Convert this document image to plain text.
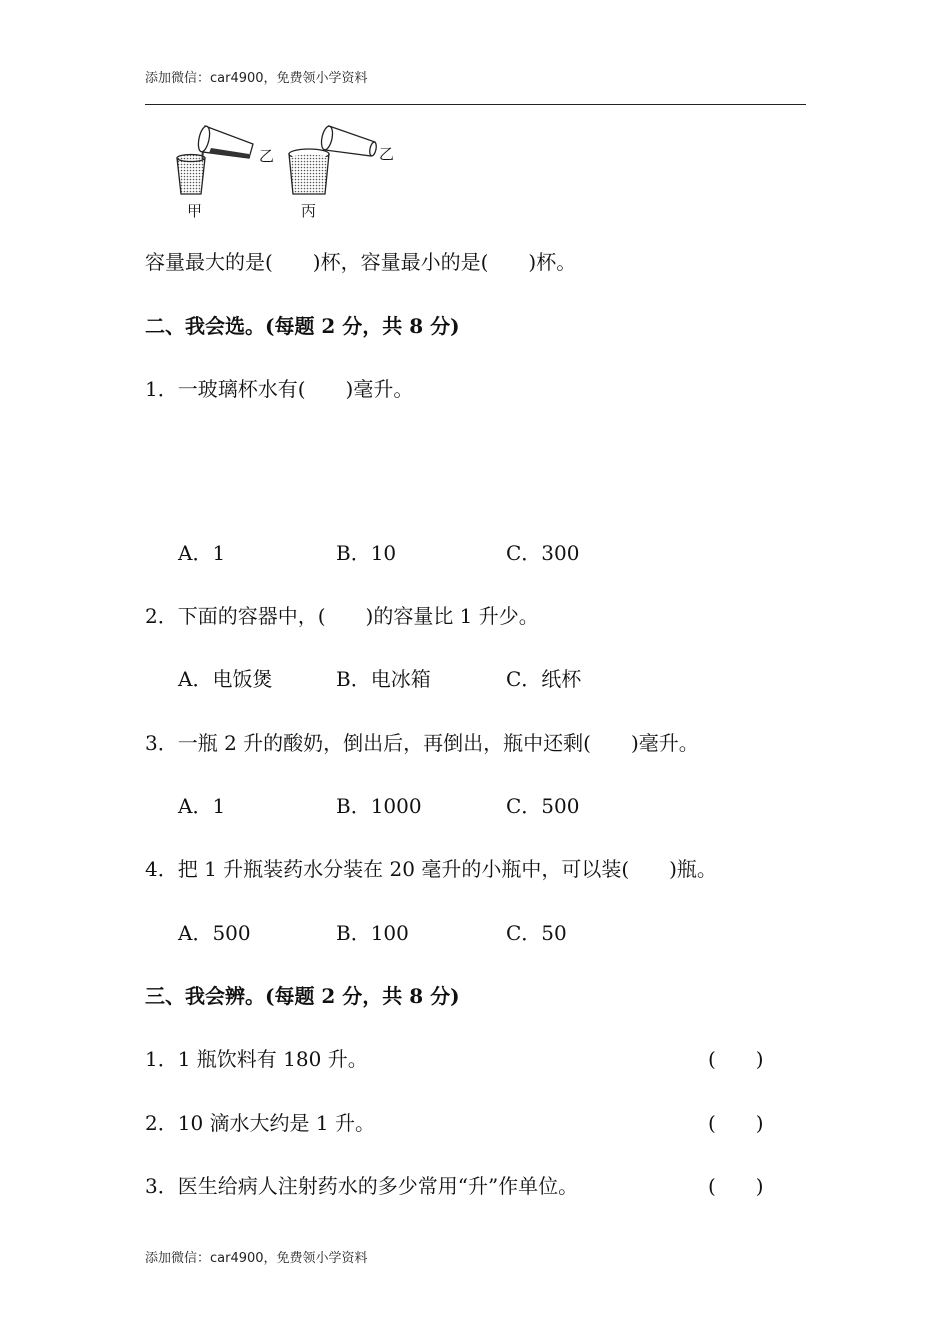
添加微信：car4900，免费领小学资料
乙
甲
乙
丙
容量最大的是(　　)杯，容量最小的是(　　)杯。
二、我会选。(每题 2 分，共 8 分)
1．一玻璃杯水有(　　)毫升。
A．1	B．10	C．300
2．下面的容器中，(　　)的容量比 1 升少。
A．电饭煲	B．电冰箱	C．纸杯
3．一瓶 2 升的酸奶，倒出后，再倒出，瓶中还剩(　　)毫升。
A．1	B．1000	C．500
4．把 1 升瓶装药水分装在 20 毫升的小瓶中，可以装(　　)瓶。
A．500	B．100	C．50
三、我会辨。(每题 2 分，共 8 分)
1．1 瓶饮料有 180 升。	(　　)
2．10 滴水大约是 1 升。	(　　)
3．医生给病人注射药水的多少常用“升”作单位。	(　　)
添加微信：car4900，免费领小学资料
